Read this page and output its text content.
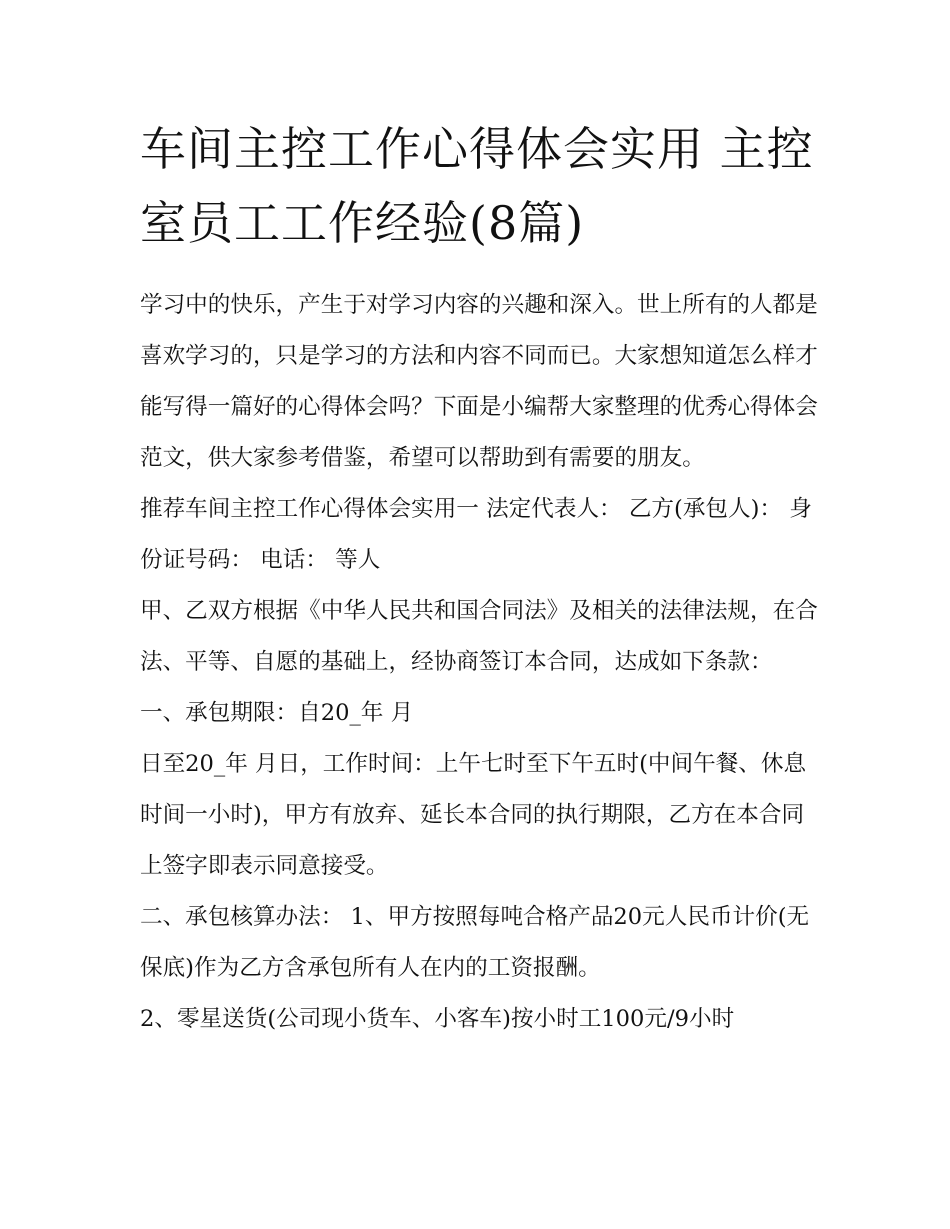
车间主控工作心得体会实用 主控室员工工作经验(8篇)

学习中的快乐，产生于对学习内容的兴趣和深入。世上所有的人都是喜欢学习的，只是学习的方法和内容不同而已。大家想知道怎么样才能写得一篇好的心得体会吗？下面是小编帮大家整理的优秀心得体会范文，供大家参考借鉴，希望可以帮助到有需要的朋友。

推荐车间主控工作心得体会实用一 法定代表人： 乙方(承包人)： 身份证号码： 电话： 等人

甲、乙双方根据《中华人民共和国合同法》及相关的法律法规，在合法、平等、自愿的基础上，经协商签订本合同，达成如下条款： 一、承包期限：自20_年 月

日至20_年 月日，工作时间：上午七时至下午五时(中间午餐、休息时间一小时)，甲方有放弃、延长本合同的执行期限，乙方在本合同上签字即表示同意接受。

二、承包核算办法： 1、甲方按照每吨合格产品20元人民币计价(无保底)作为乙方含承包所有人在内的工资报酬。

2、零星送货(公司现小货车、小客车)按小时工100元/9小时
